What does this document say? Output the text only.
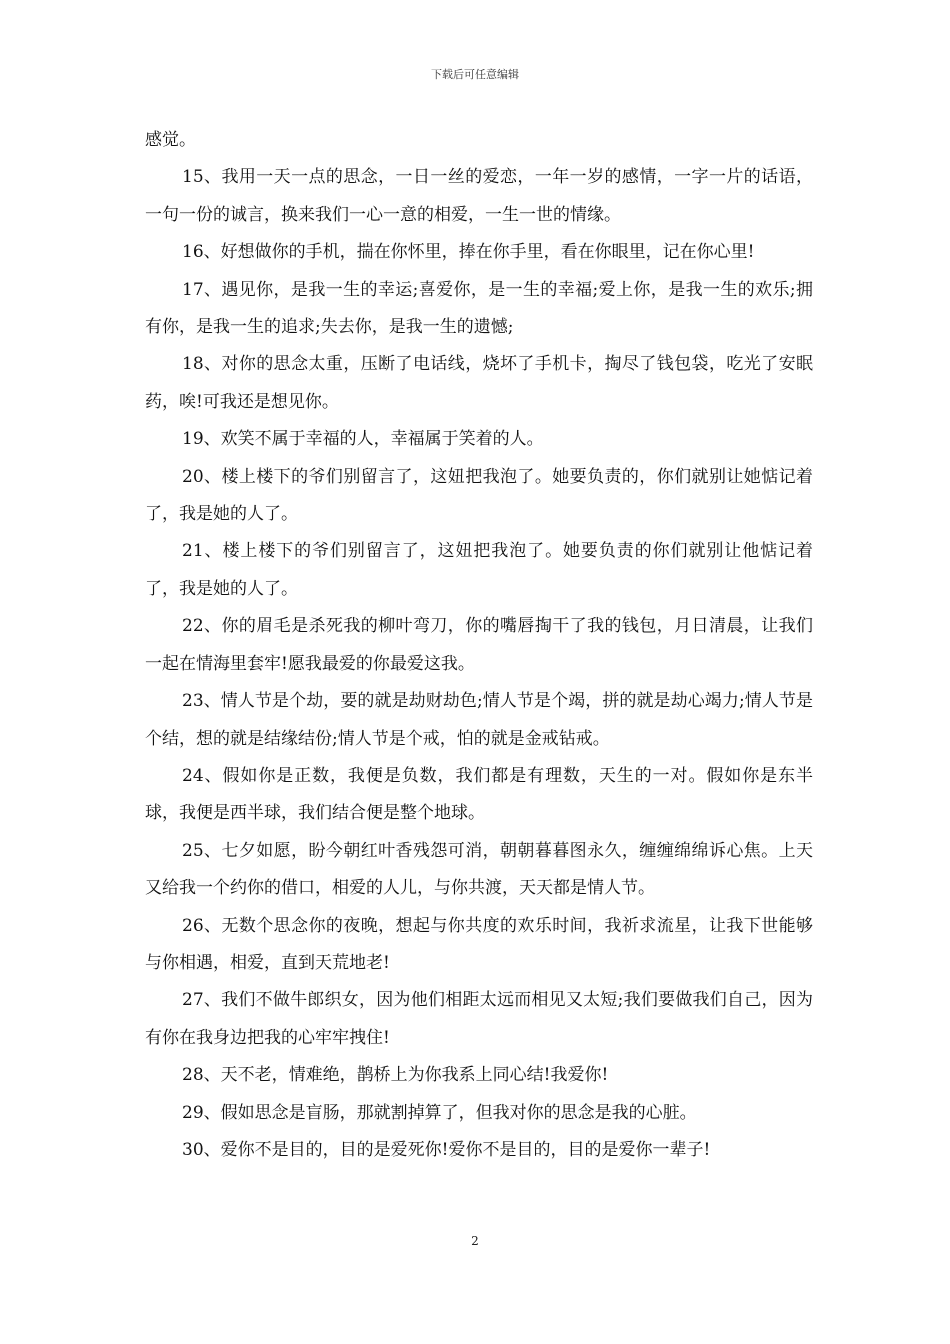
下载后可任意编辑

感觉。

15、我用一天一点的思念，一日一丝的爱恋，一年一岁的感情，一字一片的话语，一句一份的诚言，换来我们一心一意的相爱，一生一世的情缘。

16、好想做你的手机，揣在你怀里，捧在你手里，看在你眼里，记在你心里!

17、遇见你，是我一生的幸运;喜爱你，是一生的幸福;爱上你，是我一生的欢乐;拥有你，是我一生的追求;失去你，是我一生的遗憾;

18、对你的思念太重，压断了电话线，烧坏了手机卡，掏尽了钱包袋，吃光了安眠药，唉!可我还是想见你。

19、欢笑不属于幸福的人，幸福属于笑着的人。

20、楼上楼下的爷们别留言了，这妞把我泡了。她要负责的，你们就别让她惦记着了，我是她的人了。

21、楼上楼下的爷们别留言了，这妞把我泡了。她要负责的你们就别让他惦记着了，我是她的人了。

22、你的眉毛是杀死我的柳叶弯刀，你的嘴唇掏干了我的钱包，月日清晨，让我们一起在情海里套牢!愿我最爱的你最爱这我。

23、情人节是个劫，要的就是劫财劫色;情人节是个竭，拼的就是劫心竭力;情人节是个结，想的就是结缘结份;情人节是个戒，怕的就是金戒钻戒。

24、假如你是正数，我便是负数，我们都是有理数，天生的一对。假如你是东半球，我便是西半球，我们结合便是整个地球。

25、七夕如愿，盼今朝红叶香残怨可消，朝朝暮暮图永久，缠缠绵绵诉心焦。上天又给我一个约你的借口，相爱的人儿，与你共渡，天天都是情人节。

26、无数个思念你的夜晚，想起与你共度的欢乐时间，我祈求流星，让我下世能够与你相遇，相爱，直到天荒地老!

27、我们不做牛郎织女，因为他们相距太远而相见又太短;我们要做我们自己，因为有你在我身边把我的心牢牢拽住!

28、天不老，情难绝，鹊桥上为你我系上同心结!我爱你!

29、假如思念是盲肠，那就割掉算了，但我对你的思念是我的心脏。

30、爱你不是目的，目的是爱死你!爱你不是目的，目的是爱你一辈子!

2
